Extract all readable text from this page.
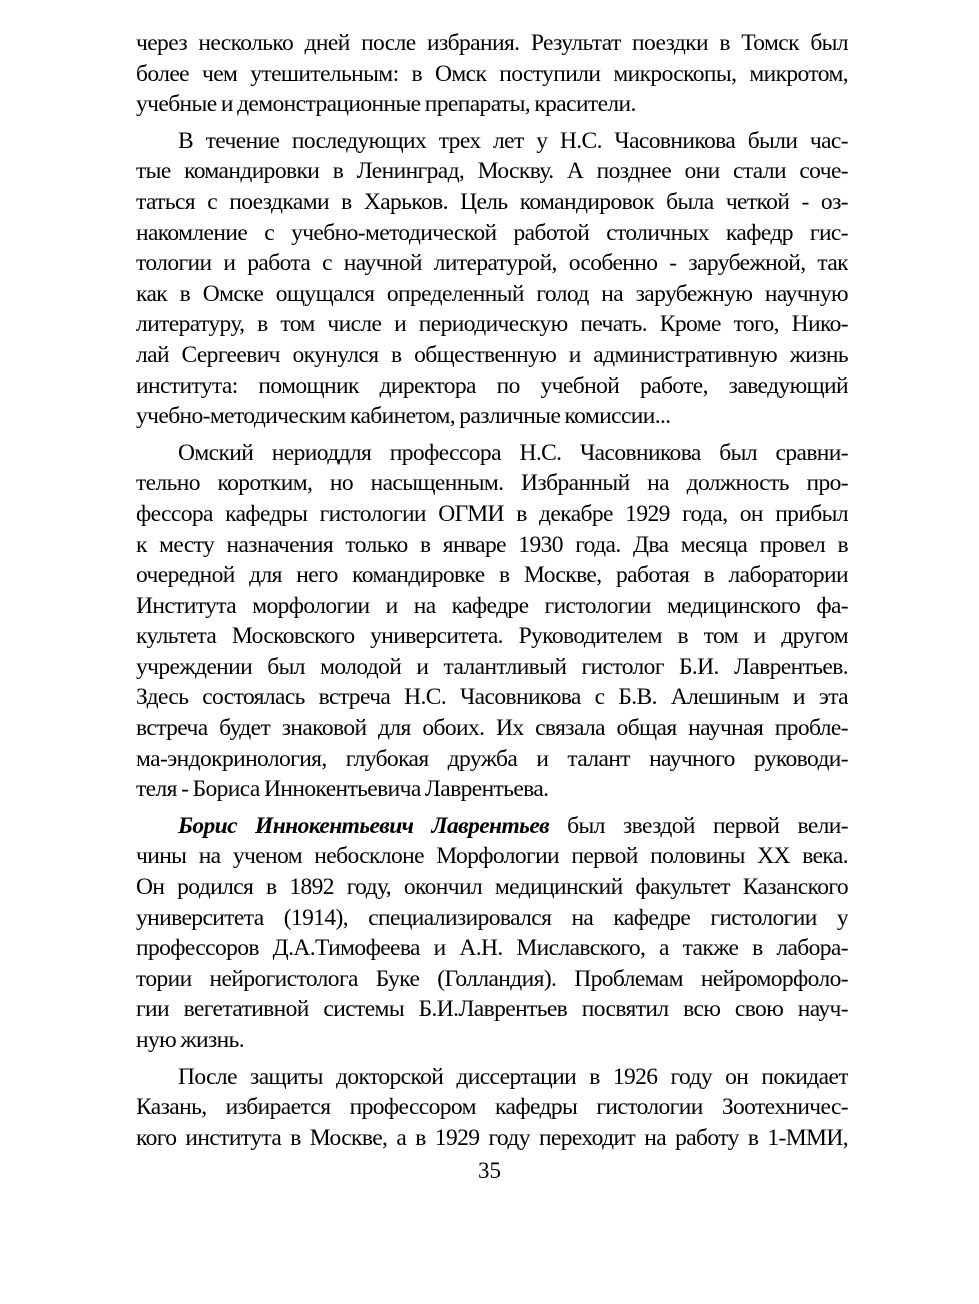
через несколько дней после избрания. Результат поездки в Томск был
более чем утешительным: в Омск поступили микроскопы, микротом,
учебные и демонстрационные препараты, красители.
В течение последующих трех лет у Н.С. Часовникова были час-
тые командировки в Ленинград, Москву. А позднее они стали соче-
таться с поездками в Харьков. Цель командировок была четкой - оз-
накомление с учебно-методической работой столичных кафедр гис-
тологии и работа с научной литературой, особенно - зарубежной, так
как в Омске ощущался определенный голод на зарубежную научную
литературу, в том числе и периодическую печать. Кроме того, Нико-
лай Сергеевич окунулся в общественную и административную жизнь
института: помощник директора по учебной работе, заведующий
учебно-методическим кабинетом, различные комиссии...
Омский нериоддля профессора Н.С. Часовникова был сравни-
тельно коротким, но насыщенным. Избранный на должность про-
фессора кафедры гистологии ОГМИ в декабре 1929 года, он прибыл
к месту назначения только в январе 1930 года. Два месяца провел в
очередной для него командировке в Москве, работая в лаборатории
Института морфологии и на кафедре гистологии медицинского фа-
культета Московского университета. Руководителем в том и другом
учреждении был молодой и талантливый гистолог Б.И. Лаврентьев.
Здесь состоялась встреча Н.С. Часовникова с Б.В. Алешиным и эта
встреча будет знаковой для обоих. Их связала общая научная пробле-
ма-эндокринология, глубокая дружба и талант научного руководи-
теля - Бориса Иннокентьевича Лаврентьева.
Борис Иннокентьевич Лаврентьев был звездой первой вели-
чины на ученом небосклоне Морфологии первой половины XX века.
Он родился в 1892 году, окончил медицинский факультет Казанского
университета (1914), специализировался на кафедре гистологии у
профессоров Д.А.Тимофеева и А.Н. Миславского, а также в лабора-
тории нейрогистолога Буке (Голландия). Проблемам нейроморфоло-
гии вегетативной системы Б.И.Лаврентьев посвятил всю свою науч-
ную жизнь.
После защиты докторской диссертации в 1926 году он покидает
Казань, избирается профессором кафедры гистологии Зоотехничес-
кого института в Москве, а в 1929 году переходит на работу в 1-ММИ,
35
